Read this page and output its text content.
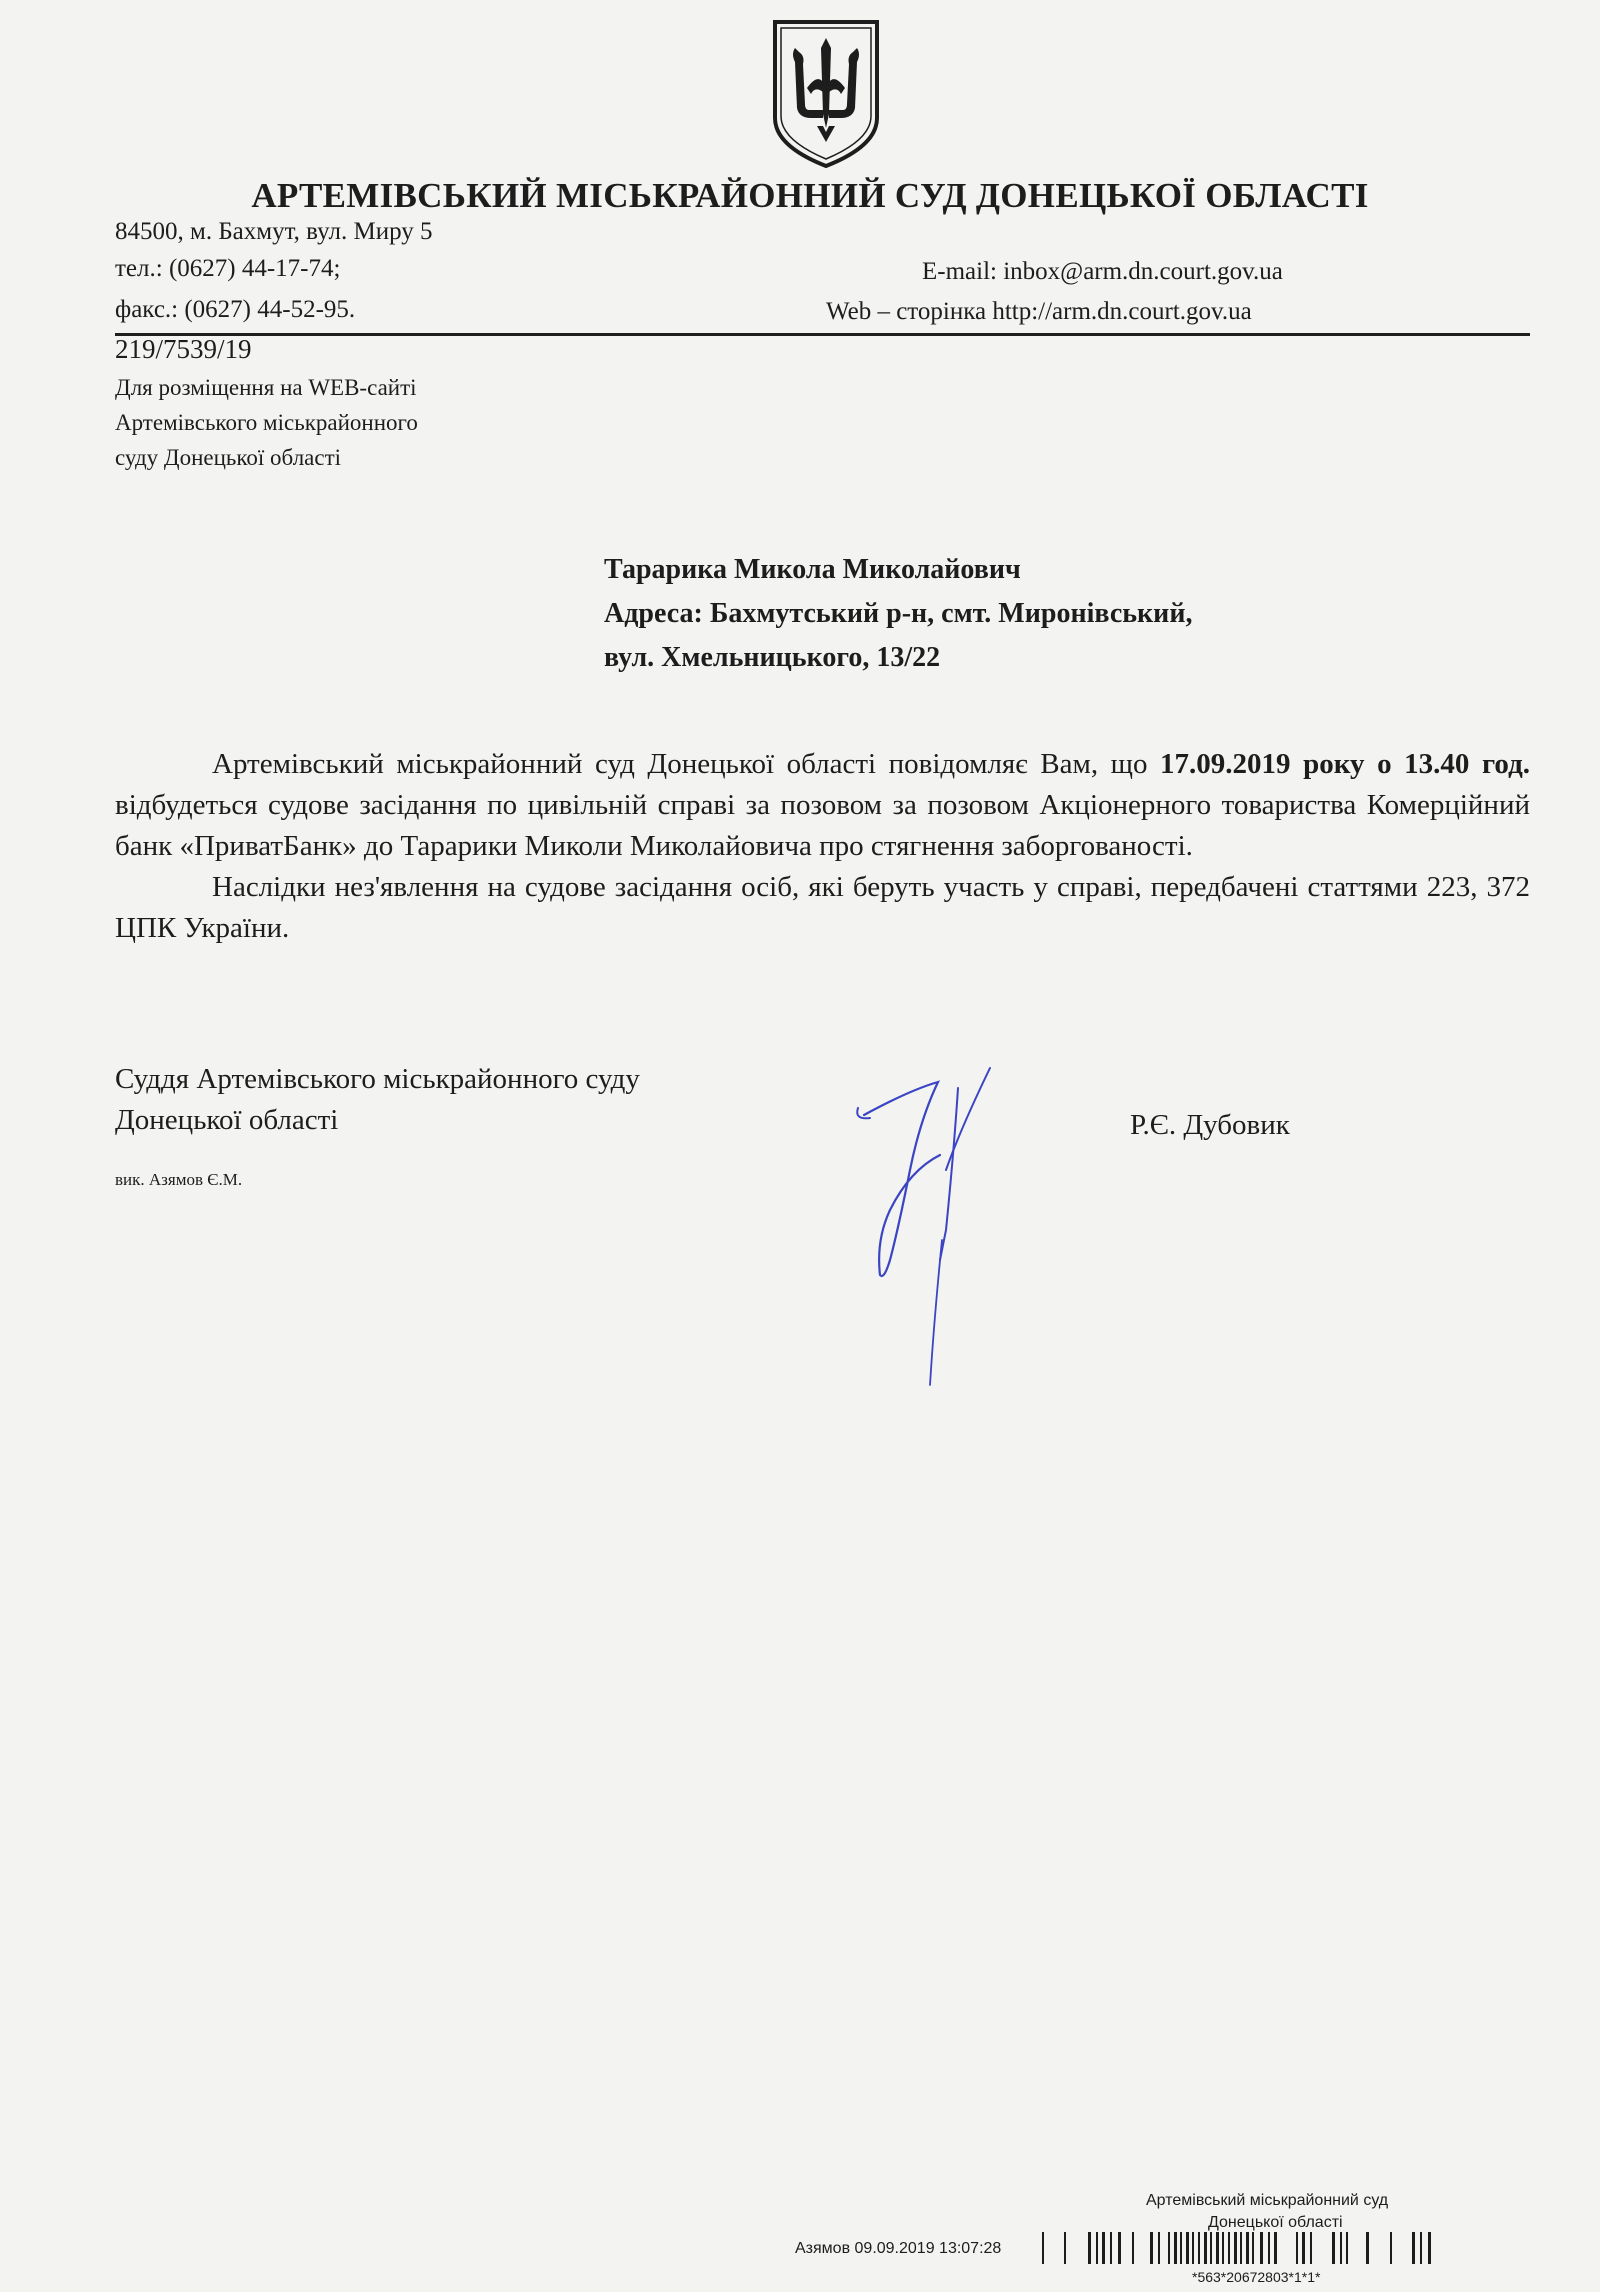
АРТЕМІВСЬКИЙ МІСЬКРАЙОННИЙ СУД ДОНЕЦЬКОЇ ОБЛАСТІ
84500, м. Бахмут, вул. Миру 5
тел.: (0627) 44-17-74;
факс.: (0627) 44-52-95.
E-mail: inbox@arm.dn.court.gov.ua
Web – сторінка http://arm.dn.court.gov.ua
219/7539/19
Для розміщення на WEB-сайті
Артемівського міськрайонного
суду Донецької області
Тарарика Микола Миколайович
Адреса: Бахмутський р-н, смт. Миронівський,
вул. Хмельницького, 13/22

Артемівський міськрайонний суд Донецької області повідомляє Вам, що 17.09.2019 року о 13.40 год. відбудеться судове засідання по цивільній справі за позовом за позовом Акціонерного товариства Комерційний банк «ПриватБанк» до Тарарики Миколи Миколайовича про стягнення заборгованості.

Наслідки нез'явлення на судове засідання осіб, які беруть участь у справі, передбачені статтями 223, 372 ЦПК України.

Суддя Артемівського міськрайонного суду
Донецької області	Р.Є. Дубовик
вик. Азямов Є.М.
Артемівський міськрайонний суд
Донецької області
Азямов 09.09.2019 13:07:28
*563*20672803*1*1*
